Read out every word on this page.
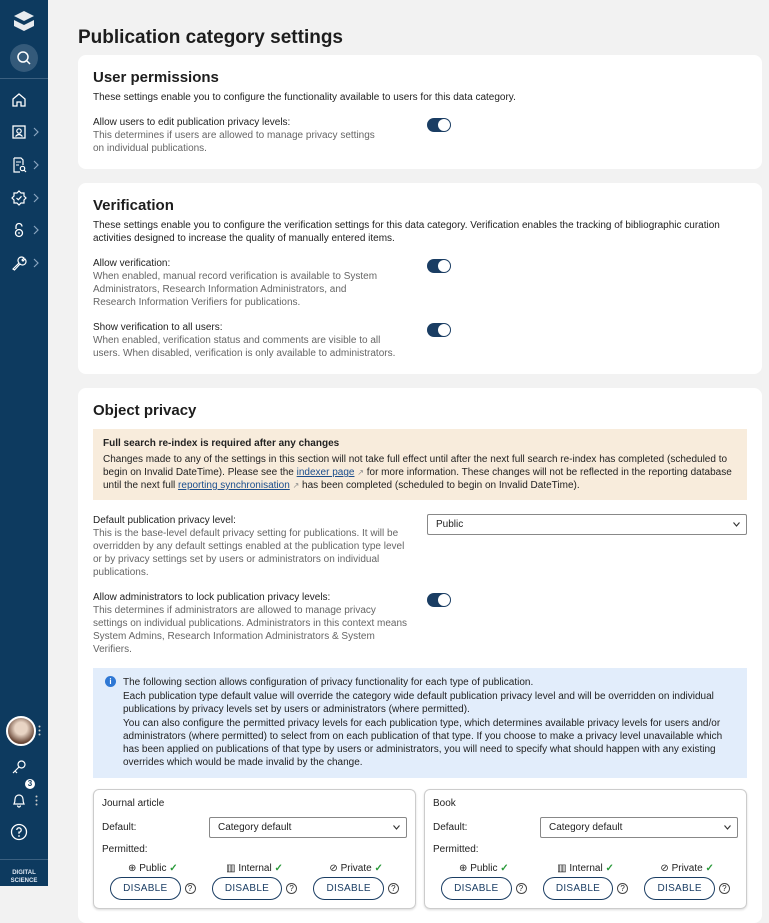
3
DIGITAL SCIENCE
Publication category settings
User permissions
These settings enable you to configure the functionality available to users for this data category.
Allow users to edit publication privacy levels:
This determines if users are allowed to manage privacy settings on individual publications.
Verification
These settings enable you to configure the verification settings for this data category. Verification enables the tracking of bibliographic curation activities designed to increase the quality of manually entered items.
Allow verification:
When enabled, manual record verification is available to System Administrators, Research Information Administrators, and Research Information Verifiers for publications.
Show verification to all users:
When enabled, verification status and comments are visible to all users. When disabled, verification is only available to administrators.
Object privacy
Full search re-index is required after any changes
Changes made to any of the settings in this section will not take full effect until after the next full search re-index has completed (scheduled to begin on Invalid DateTime). Please see the indexer page ↗ for more information. These changes will not be reflected in the reporting database until the next full reporting synchronisation ↗ has been completed (scheduled to begin on Invalid DateTime).
Default publication privacy level:
This is the base-level default privacy setting for publications. It will be overridden by any default settings enabled at the publication type level or by privacy settings set by users or administrators on individual publications.
Public
Allow administrators to lock publication privacy levels:
This determines if administrators are allowed to manage privacy settings on individual publications. Administrators in this context means System Admins, Research Information Administrators & System Verifiers.
i	The following section allows configuration of privacy functionality for each type of publication.

Each publication type default value will override the category wide default publication privacy level and will be overridden on individual publications by privacy levels set by users or administrators (where permitted).

You can also configure the permitted privacy levels for each publication type, which determines available privacy levels for users and/or administrators (where permitted) to select from on each publication of that type. If you choose to make a privacy level unavailable which has been applied on publications of that type by users or administrators, you will need to specify what should happen with any existing overrides which would be made invalid by the change.

Journal article
Default:	Category default
Permitted:
⊕ Public ✓
DISABLE	?
▥ Internal ✓
DISABLE	?
⊘ Private ✓
DISABLE	?
Book
Default:	Category default
Permitted:
⊕ Public ✓
DISABLE	?
▥ Internal ✓
DISABLE	?
⊘ Private ✓
DISABLE	?
